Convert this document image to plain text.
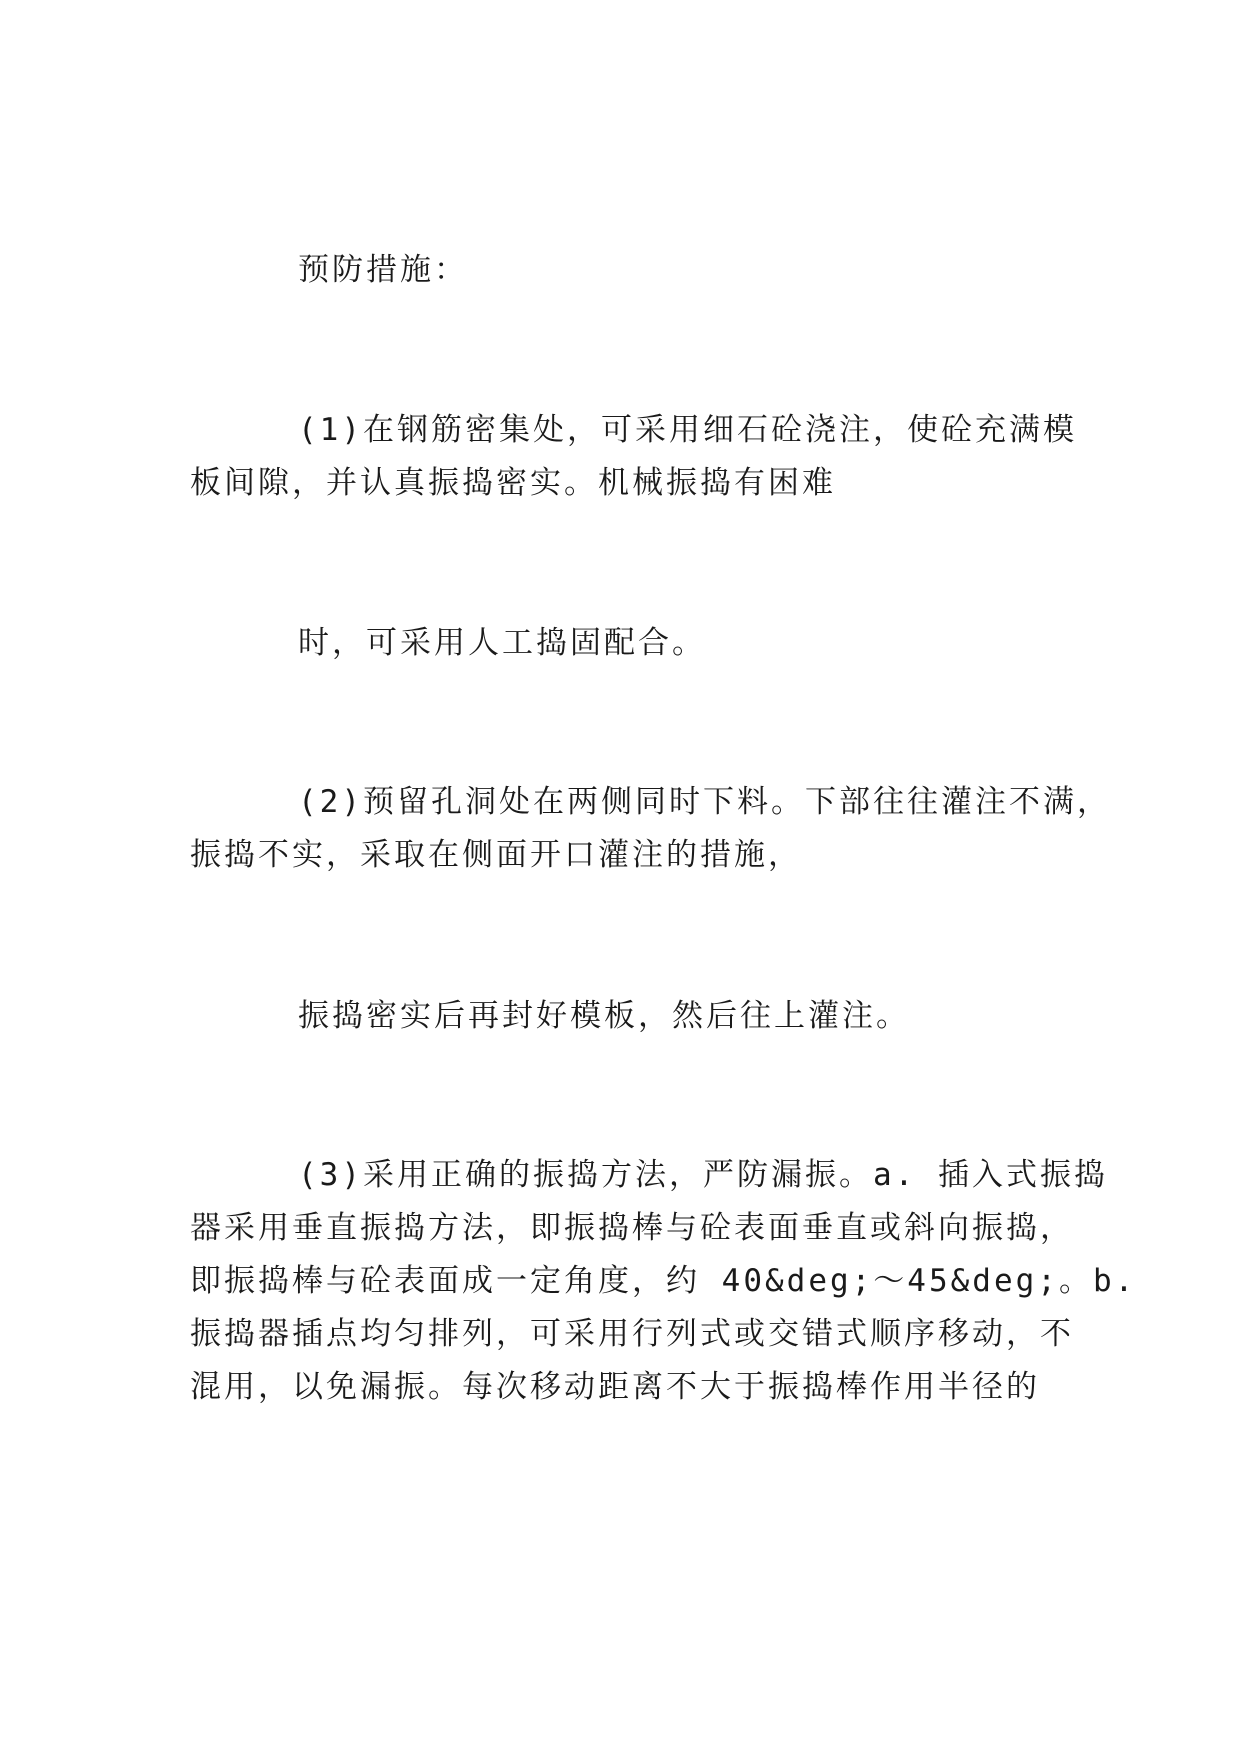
预防措施：

(1)在钢筋密集处，可采用细石砼浇注，使砼充满模
板间隙，并认真振捣密实。机械振捣有困难

时，可采用人工捣固配合。

(2)预留孔洞处在两侧同时下料。下部往往灌注不满，
振捣不实，采取在侧面开口灌注的措施，

振捣密实后再封好模板，然后往上灌注。

(3)采用正确的振捣方法，严防漏振。a. 插入式振捣
器采用垂直振捣方法，即振捣棒与砼表面垂直或斜向振捣，
即振捣棒与砼表面成一定角度，约 40&deg;～45&deg;。b.
振捣器插点均匀排列，可采用行列式或交错式顺序移动，不
混用，以免漏振。每次移动距离不大于振捣棒作用半径的
